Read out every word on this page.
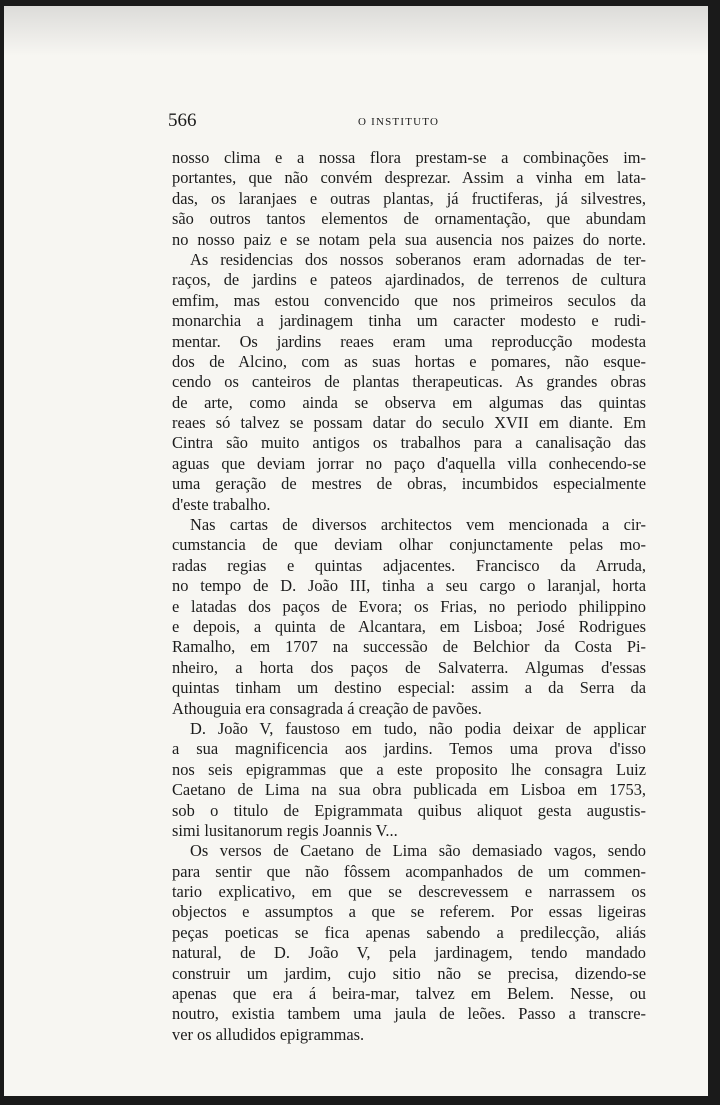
566	O INSTITUTO
nosso clima e a nossa flora prestam-se a combinações im-
portantes, que não convém desprezar. Assim a vinha em lata-
das, os laranjaes e outras plantas, já fructiferas, já silvestres,
são outros tantos elementos de ornamentação, que abundam
no nosso paiz e se notam pela sua ausencia nos paizes do norte.
As residencias dos nossos soberanos eram adornadas de ter-
raços, de jardins e pateos ajardinados, de terrenos de cultura
emfim, mas estou convencido que nos primeiros seculos da
monarchia a jardinagem tinha um caracter modesto e rudi-
mentar. Os jardins reaes eram uma reproducção modesta
dos de Alcino, com as suas hortas e pomares, não esque-
cendo os canteiros de plantas therapeuticas. As grandes obras
de arte, como ainda se observa em algumas das quintas
reaes só talvez se possam datar do seculo XVII em diante. Em
Cintra são muito antigos os trabalhos para a canalisação das
aguas que deviam jorrar no paço d'aquella villa conhecendo-se
uma geração de mestres de obras, incumbidos especialmente
d'este trabalho.
Nas cartas de diversos architectos vem mencionada a cir-
cumstancia de que deviam olhar conjunctamente pelas mo-
radas regias e quintas adjacentes. Francisco da Arruda,
no tempo de D. João III, tinha a seu cargo o laranjal, horta
e latadas dos paços de Evora; os Frias, no periodo philippino
e depois, a quinta de Alcantara, em Lisboa; José Rodrigues
Ramalho, em 1707 na successão de Belchior da Costa Pi-
nheiro, a horta dos paços de Salvaterra. Algumas d'essas
quintas tinham um destino especial: assim a da Serra da
Athouguia era consagrada á creação de pavões.
D. João V, faustoso em tudo, não podia deixar de applicar
a sua magnificencia aos jardins. Temos uma prova d'isso
nos seis epigrammas que a este proposito lhe consagra Luiz
Caetano de Lima na sua obra publicada em Lisboa em 1753,
sob o titulo de Epigrammata quibus aliquot gesta augustis-
simi lusitanorum regis Joannis V...
Os versos de Caetano de Lima são demasiado vagos, sendo
para sentir que não fôssem acompanhados de um commen-
tario explicativo, em que se descrevessem e narrassem os
objectos e assumptos a que se referem. Por essas ligeiras
peças poeticas se fica apenas sabendo a predilecção, aliás
natural, de D. João V, pela jardinagem, tendo mandado
construir um jardim, cujo sitio não se precisa, dizendo-se
apenas que era á beira-mar, talvez em Belem. Nesse, ou
noutro, existia tambem uma jaula de leões. Passo a transcre-
ver os alludidos epigrammas.
